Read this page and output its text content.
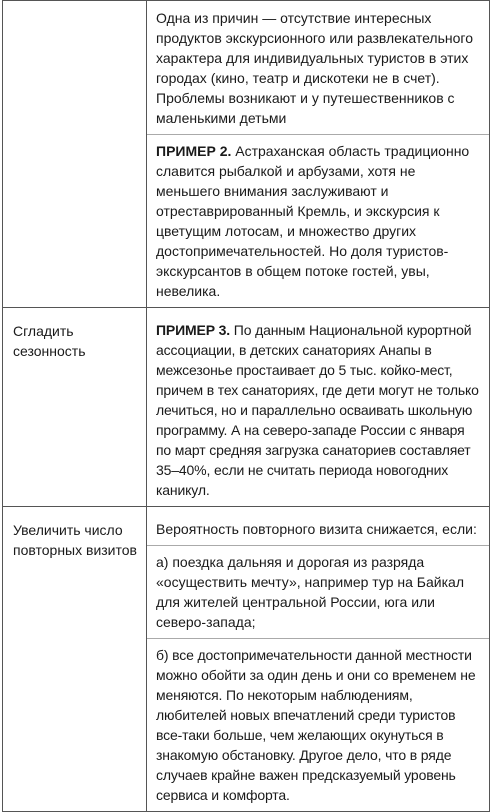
	Одна из причин — отсутствие интересных продуктов экскурсионного или развлекательного характера для индивидуальных туристов в этих городах (кино, театр и дискотеки не в счет). Проблемы возникают и у путешественников с маленькими детьми

ПРИМЕР 2. Астраханская область традиционно славится рыбалкой и арбузами, хотя не меньшего внимания заслуживают и отреставрированный Кремль, и экскурсия к цветущим лотосам, и множество других достопримечательностей. Но доля туристов-экскурсантов в общем потоке гостей, увы, невелика.

Сгладить сезонность	ПРИМЕР 3. По данным Национальной курортной ассоциации, в детских санаториях Анапы в межсезонье простаивает до 5 тыс. койко-мест, причем в тех санаториях, где дети могут не только лечиться, но и параллельно осваивать школьную программу. А на северо-западе России с января по март средняя загрузка санаториев составляет 35–40%, если не считать периода новогодних каникул.

Увеличить число повторных визитов	Вероятность повторного визита снижается, если:

а) поездка дальняя и дорогая из разряда «осуществить мечту», например тур на Байкал для жителей центральной России, юга или северо-запада;

б) все достопримечательности данной местности можно обойти за один день и они со временем не меняются. По некоторым наблюдениям, любителей новых впечатлений среди туристов все-таки больше, чем желающих окунуться в знакомую обстановку. Другое дело, что в ряде случаев крайне важен предсказуемый уровень сервиса и комфорта.
